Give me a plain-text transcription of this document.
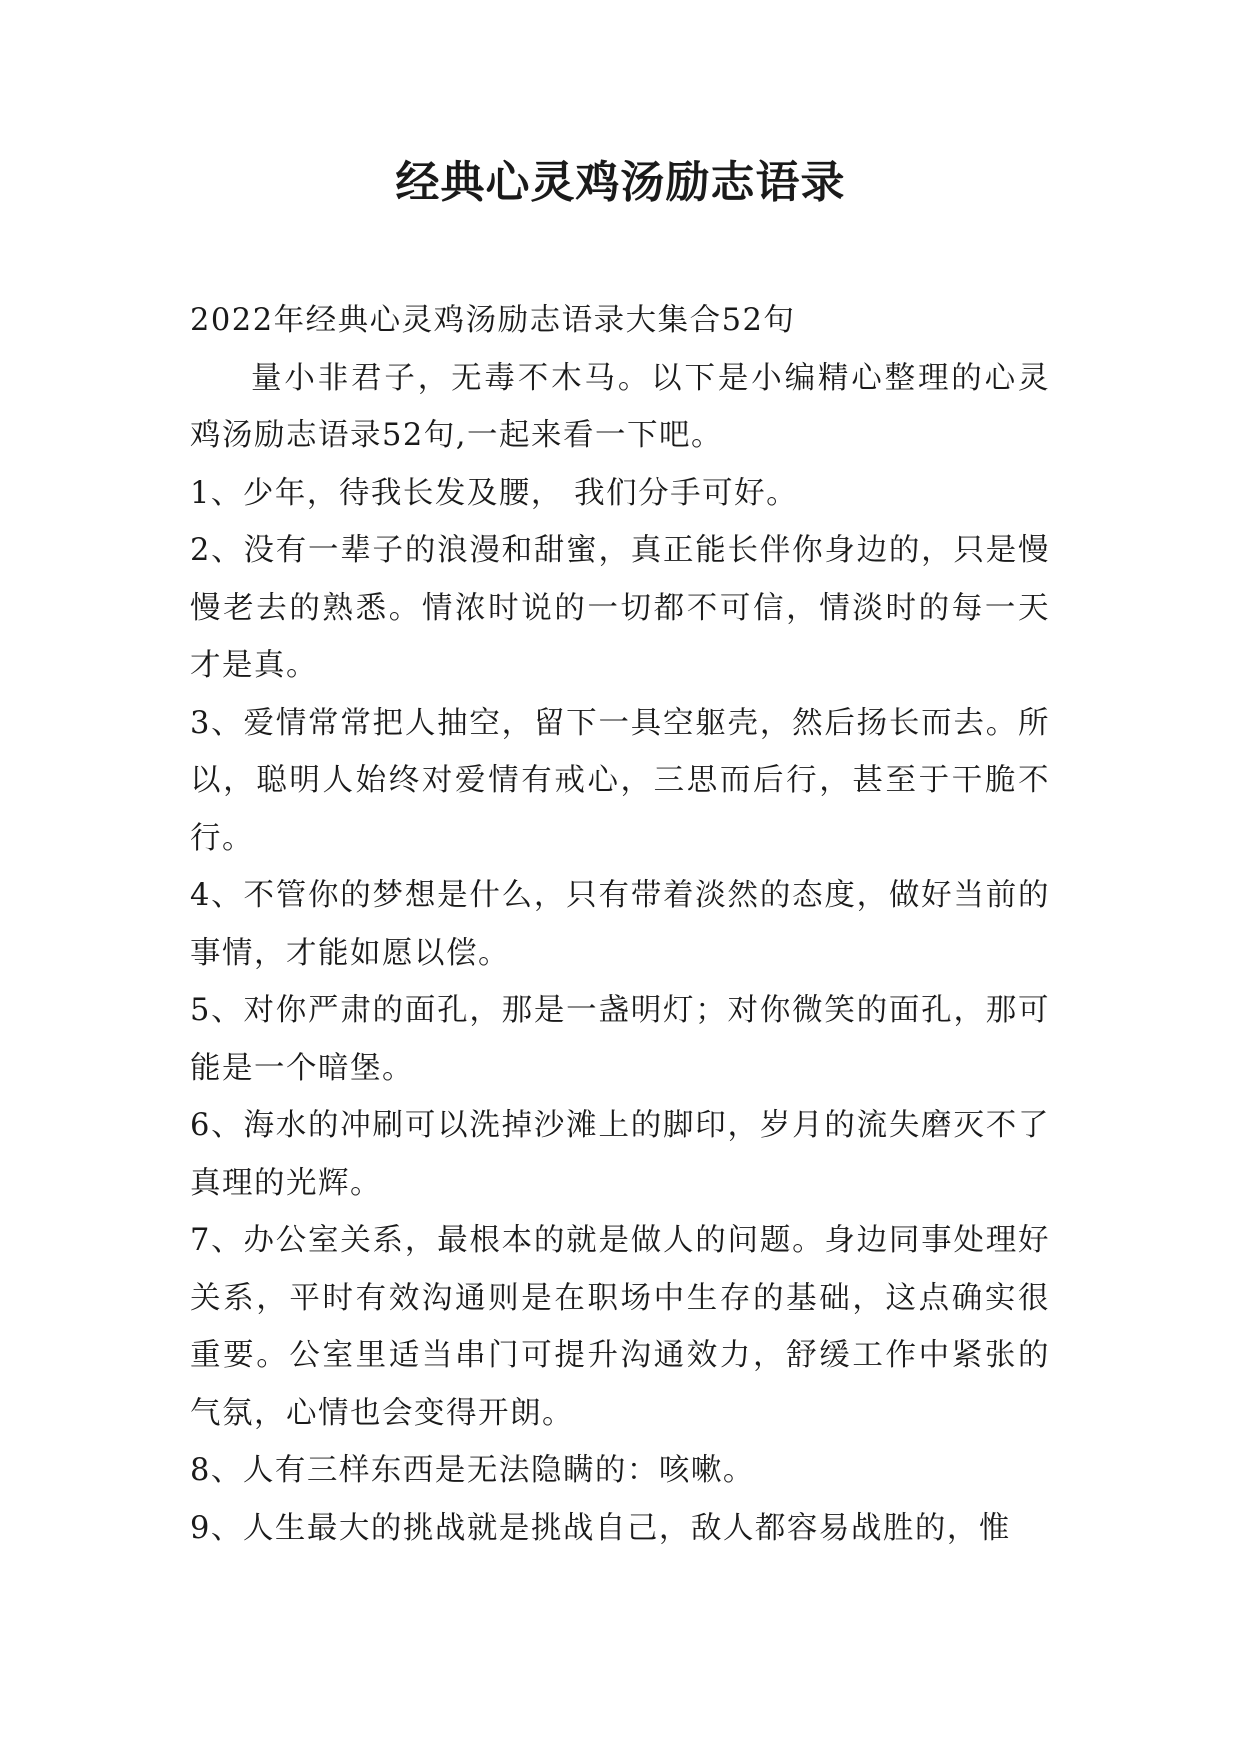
经典心灵鸡汤励志语录

2022年经典心灵鸡汤励志语录大集合52句

量小非君子，无毒不木马。以下是小编精心整理的心灵鸡汤励志语录52句,一起来看一下吧。

1、少年，待我长发及腰， 我们分手可好。

2、没有一辈子的浪漫和甜蜜，真正能长伴你身边的，只是慢慢老去的熟悉。情浓时说的一切都不可信，情淡时的每一天才是真。

3、爱情常常把人抽空，留下一具空躯壳，然后扬长而去。所以，聪明人始终对爱情有戒心，三思而后行，甚至于干脆不行。

4、不管你的梦想是什么，只有带着淡然的态度，做好当前的事情，才能如愿以偿。

5、对你严肃的面孔，那是一盏明灯；对你微笑的面孔，那可能是一个暗堡。

6、海水的冲刷可以洗掉沙滩上的脚印，岁月的流失磨灭不了真理的光辉。

7、办公室关系，最根本的就是做人的问题。身边同事处理好关系，平时有效沟通则是在职场中生存的基础，这点确实很重要。公室里适当串门可提升沟通效力，舒缓工作中紧张的气氛，心情也会变得开朗。

8、人有三样东西是无法隐瞒的：咳嗽。

9、人生最大的挑战就是挑战自己，敌人都容易战胜的，惟
